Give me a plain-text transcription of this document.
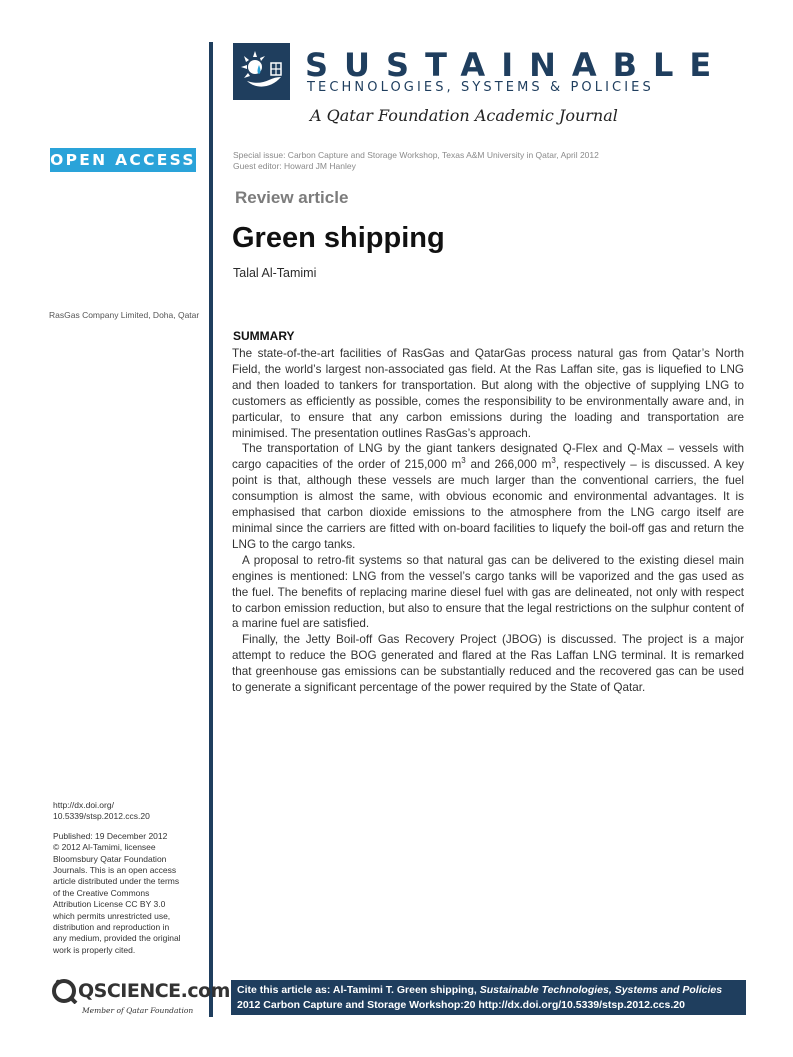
SUSTAINABLE
TECHNOLOGIES, SYSTEMS & POLICIES
A Qatar Foundation Academic Journal
OPEN ACCESS	Special issue: Carbon Capture and Storage Workshop, Texas A&M University in Qatar, April 2012
Guest editor: Howard JM Hanley
Review article
Green shipping
Talal Al-Tamimi
RasGas Company Limited, Doha, Qatar
SUMMARY

The state-of-the-art facilities of RasGas and QatarGas process natural gas from Qatar’s North Field, the world’s largest non-associated gas field. At the Ras Laffan site, gas is liquefied to LNG and then loaded to tankers for transportation. But along with the objective of supplying LNG to customers as efficiently as possible, comes the responsibility to be environmentally aware and, in particular, to ensure that any carbon emissions during the loading and transportation are minimised. The presentation outlines RasGas’s approach.

The transportation of LNG by the giant tankers designated Q-Flex and Q-Max – vessels with cargo capacities of the order of 215,000 $m^3$ and 266,000 $m^3$, respectively – is discussed. A key point is that, although these vessels are much larger than the conventional carriers, the fuel consumption is almost the same, with obvious economic and environmental advantages. It is emphasised that carbon dioxide emissions to the atmosphere from the LNG cargo itself are minimal since the carriers are fitted with on-board facilities to liquefy the boil-off gas and return the LNG to the cargo tanks.

A proposal to retro-fit systems so that natural gas can be delivered to the existing diesel main engines is mentioned: LNG from the vessel’s cargo tanks will be vaporized and the gas used as the fuel. The benefits of replacing marine diesel fuel with gas are delineated, not only with respect to carbon emission reduction, but also to ensure that the legal restrictions on the sulphur content of a marine fuel are satisfied.

Finally, the Jetty Boil-off Gas Recovery Project (JBOG) is discussed. The project is a major attempt to reduce the BOG generated and flared at the Ras Laffan LNG terminal. It is remarked that greenhouse gas emissions can be substantially reduced and the recovered gas can be used to generate a significant percentage of the power required by the State of Qatar.

http://dx.doi.org/
10.5339/stsp.2012.ccs.20
Published: 19 December 2012
© 2012 Al-Tamimi, licensee
Bloomsbury Qatar Foundation
Journals. This is an open access
article distributed under the terms
of the Creative Commons
Attribution License CC BY 3.0
which permits unrestricted use,
distribution and reproduction in
any medium, provided the original
work is properly cited.
QSCIENCE.com
Member of Qatar Foundation
Cite this article as: Al-Tamimi T. Green shipping, Sustainable Technologies, Systems and Policies
2012 Carbon Capture and Storage Workshop:20 http://dx.doi.org/10.5339/stsp.2012.ccs.20
